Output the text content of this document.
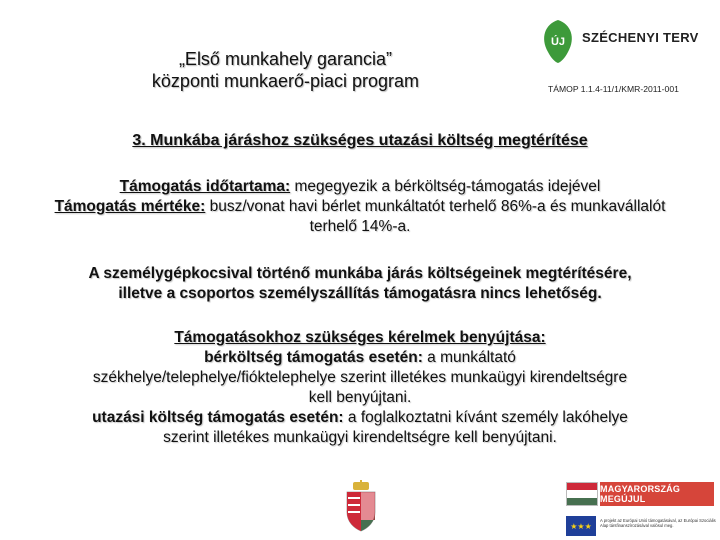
„Első munkahely garancia”
központi munkaerő-piaci program
ÚJ SZÉCHENYI TERV
TÁMOP 1.1.4-11/1/KMR-2011-001
3. Munkába járáshoz szükséges utazási költség megtérítése
Támogatás időtartama: megegyezik a bérköltség-támogatás idejével
Támogatás mértéke: busz/vonat havi bérlet munkáltatót terhelő 86%-a és munkavállalót terhelő 14%-a.
A személygépkocsival történő munkába járás költségeinek megtérítésére,
illetve a csoportos személyszállítás támogatásra nincs lehetőség.
Támogatásokhoz szükséges kérelmek benyújtása:
bérköltség támogatás esetén: a munkáltató
székhelye/telephelye/fióktelephelye szerint illetékes munkaügyi kirendeltségre
kell benyújtani.
utazási költség támogatás esetén: a foglalkoztatni kívánt személy lakóhelye
szerint illetékes munkaügyi kirendeltségre kell benyújtani.
MAGYARORSZÁG MEGÚJUL
★★★
A projekt az Európai Unió támogatásával, az Európai Szociális Alap társfinanszírozásával valósul meg.
